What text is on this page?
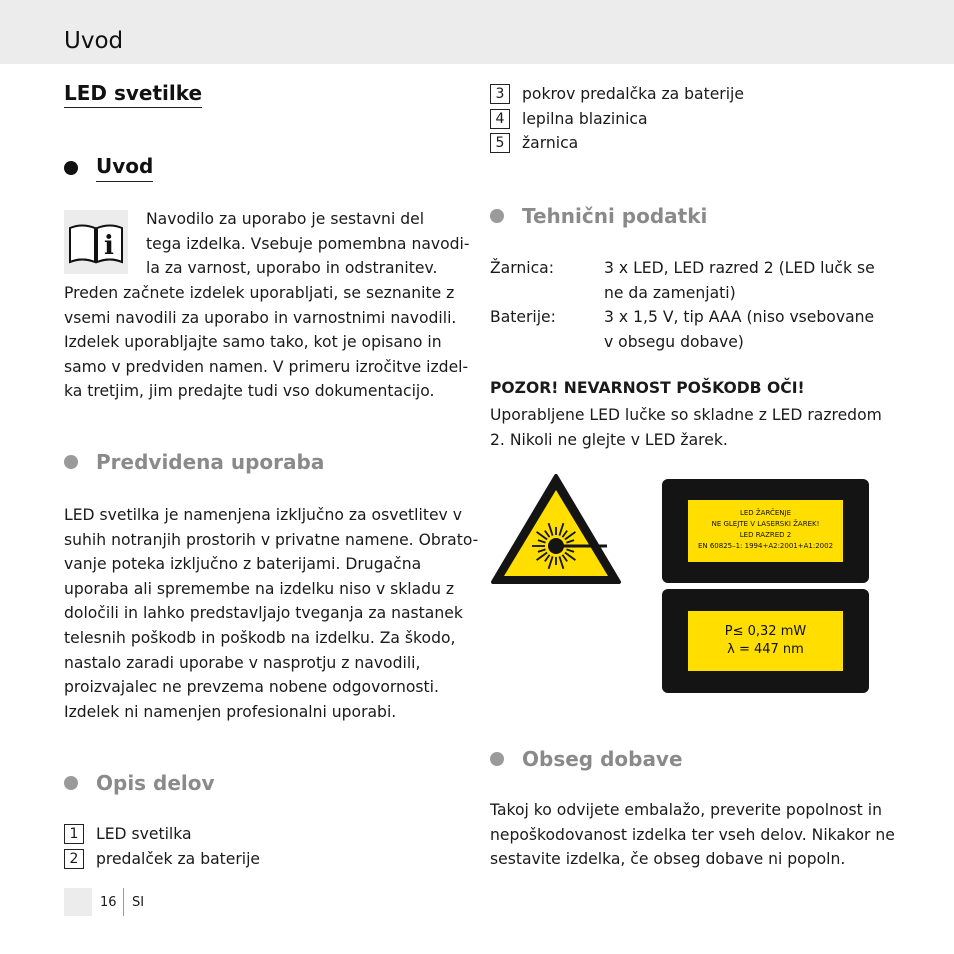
Uvod
LED svetilke
Uvod
i
Navodilo za uporabo je sestavni del
tega izdelka. Vsebuje pomembna navodi-
la za varnost, uporabo in odstranitev.
Preden začnete izdelek uporabljati, se seznanite z
vsemi navodili za uporabo in varnostnimi navodili.
Izdelek uporabljajte samo tako, kot je opisano in
samo v predviden namen. V primeru izročitve izdel-
ka tretjim, jim predajte tudi vso dokumentacijo.
Predvidena uporaba
LED svetilka je namenjena izključno za osvetlitev v
suhih notranjih prostorih v privatne namene. Obrato-
vanje poteka izključno z baterijami. Drugačna
uporaba ali spremembe na izdelku niso v skladu z
določili in lahko predstavljajo tveganja za nastanek
telesnih poškodb in poškodb na izdelku. Za škodo,
nastalo zaradi uporabe v nasprotju z navodili,
proizvajalec ne prevzema nobene odgovornosti.
Izdelek ni namenjen profesionalni uporabi.
Opis delov
1	LED svetilka
2	predalček za baterije
3	pokrov predalčka za baterije
4	lepilna blazinica
5	žarnica
Tehnični podatki
Žarnica:	3 x LED, LED razred 2 (LED lučk se
ne da zamenjati)
Baterije:	3 x 1,5 V, tip AAA (niso vsebovane
v obsegu dobave)
POZOR! NEVARNOST POŠKODB OČI!
Uporabljene LED lučke so skladne z LED razredom
2. Nikoli ne glejte v LED žarek.
LED ŽARČENJE
NE GLEJTE V LASERSKI ŽAREK!
LED RAZRED 2
EN 60825–1: 1994+A2:2001+A1:2002
P≤ 0,32 mW
λ = 447 nm
Obseg dobave
Takoj ko odvijete embalažo, preverite popolnost in
nepoškodovanost izdelka ter vseh delov. Nikakor ne
sestavite izdelka, če obseg dobave ni popoln.
16 SI
